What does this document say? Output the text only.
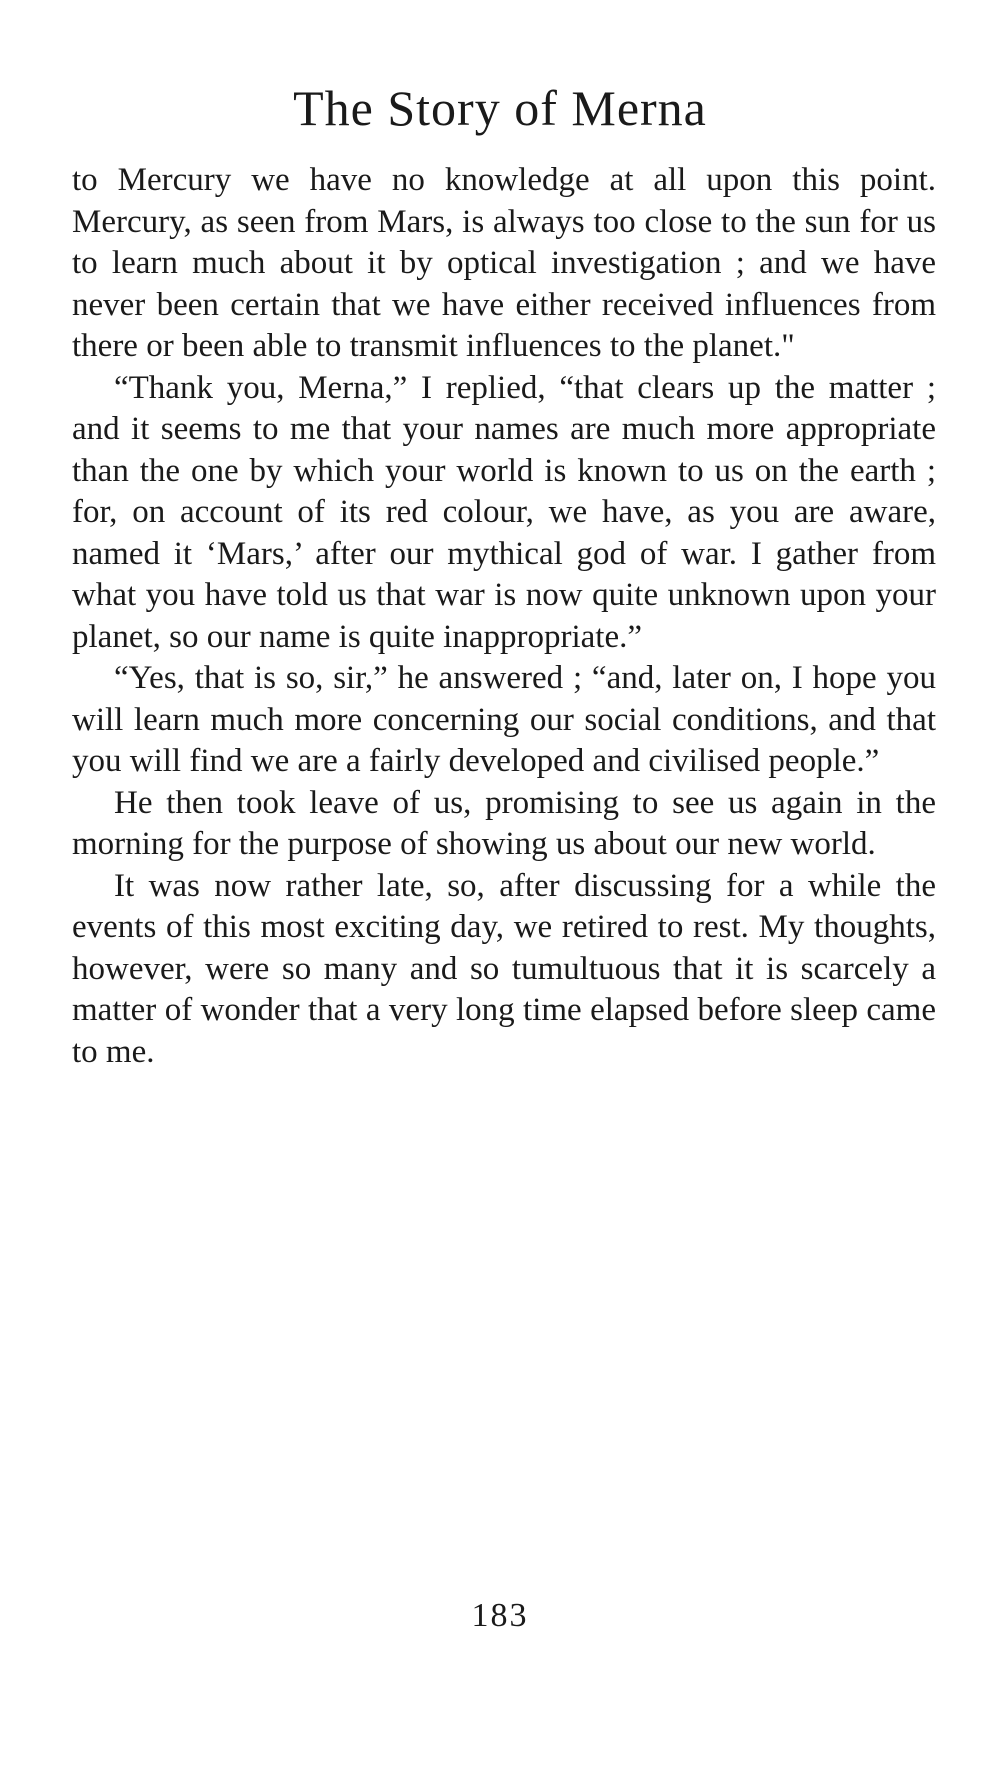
The Story of Merna

to Mercury we have no knowledge at all upon this point. Mercury, as seen from Mars, is always too close to the sun for us to learn much about it by optical investigation ; and we have never been certain that we have either received influences from there or been able to transmit influences to the planet."

“Thank you, Merna,” I replied, “that clears up the matter ; and it seems to me that your names are much more appropriate than the one by which your world is known to us on the earth ; for, on account of its red colour, we have, as you are aware, named it ‘Mars,’ after our mythical god of war. I gather from what you have told us that war is now quite unknown upon your planet, so our name is quite inappropriate.”

“Yes, that is so, sir,” he answered ; “and, later on, I hope you will learn much more concerning our social conditions, and that you will find we are a fairly developed and civilised people.”

He then took leave of us, promising to see us again in the morning for the purpose of showing us about our new world.

It was now rather late, so, after discussing for a while the events of this most exciting day, we retired to rest. My thoughts, however, were so many and so tumultuous that it is scarcely a matter of wonder that a very long time elapsed before sleep came to me.

183
